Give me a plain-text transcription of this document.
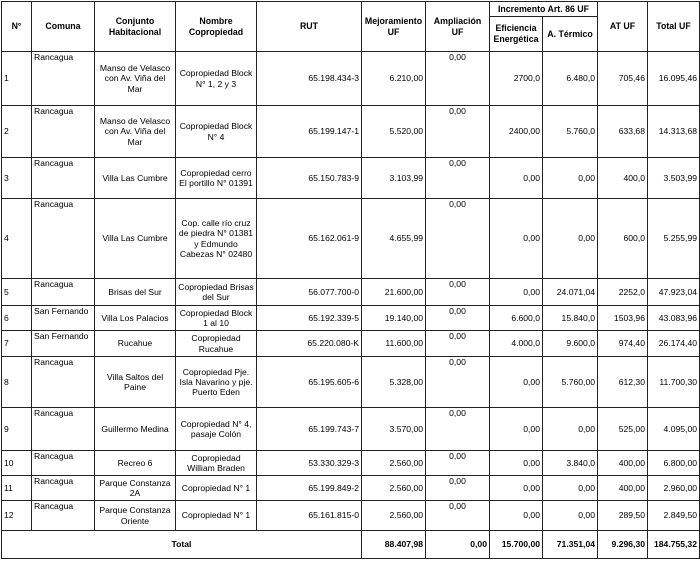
N°	Comuna	Conjunto Habitacional	Nombre Copropiedad	RUT	Mejoramiento UF	Ampliación UF	Incremento Art. 86 UF		AT UF	Total UF
							Eficiencia Energética	A. Térmico		
1	Rancagua	Manso de Velasco con Av. Viña del Mar	Copropiedad Block N° 1, 2 y 3	65.198.434-3	6.210,00	0,00	2700,0	6.480,0	705,46	16.095,46
2	Rancagua	Manso de Velasco con Av. Viña del Mar	Copropiedad Block N° 4	65.199.147-1	5.520,00	0,00	2400,00	5.760,0	633,68	14.313,68
3	Rancagua	Villa Las Cumbre	Copropiedad cerro El portillo N° 01391	65.150.783-9	3.103,99	0,00	0,00	0,00	400,0	3.503,99
4	Rancagua	Villa Las Cumbre	Cop. calle río cruz de piedra N° 01381 y Edmundo Cabezas N° 02480	65.162.061-9	4.655,99	0,00	0,00	0,00	600,0	5.255,99
5	Rancagua	Brisas del Sur	Copropiedad Brisas del Sur	56.077.700-0	21.600,00	0,00	0,00	24.071,04	2252,0	47.923,04
6	San Fernando	Villa Los Palacios	Copropiedad Block 1 al 10	65.192.339-5	19.140,00	0,00	6.600,0	15.840,0	1503,96	43.083,96
7	San Fernando	Rucahue	Copropiedad Rucahue	65.220.080-K	11.600,00	0,00	4.000,0	9.600,0	974,40	26.174,40
8	Rancagua	Villa Saltos del Paine	Copropiedad Pje. Isla Navarino y pje. Puerto Eden	65.195.605-6	5.328,00	0,00	0,00	5.760,00	612,30	11.700,30
9	Rancagua	Guillermo Medina	Copropiedad N° 4, pasaje Colón	65.199.743-7	3.570,00	0,00	0,00	0,00	525,00	4.095,00
10	Rancagua	Recreo 6	Copropiedad William Braden	53.330.329-3	2.560,00	0,00	0,00	3.840,0	400,00	6.800,00
11	Rancagua	Parque Constanza 2A	Copropiedad N° 1	65.199.849-2	2.560,00	0,00	0,00	0,00	400,00	2.960,00
12	Rancagua	Parque Constanza Oriente	Copropiedad N° 1	65.161.815-0	2.560,00	0,00	0,00	0,00	289,50	2.849,50
Total					88.407,98	0,00	15.700,00	71.351,04	9.296,30	184.755,32
